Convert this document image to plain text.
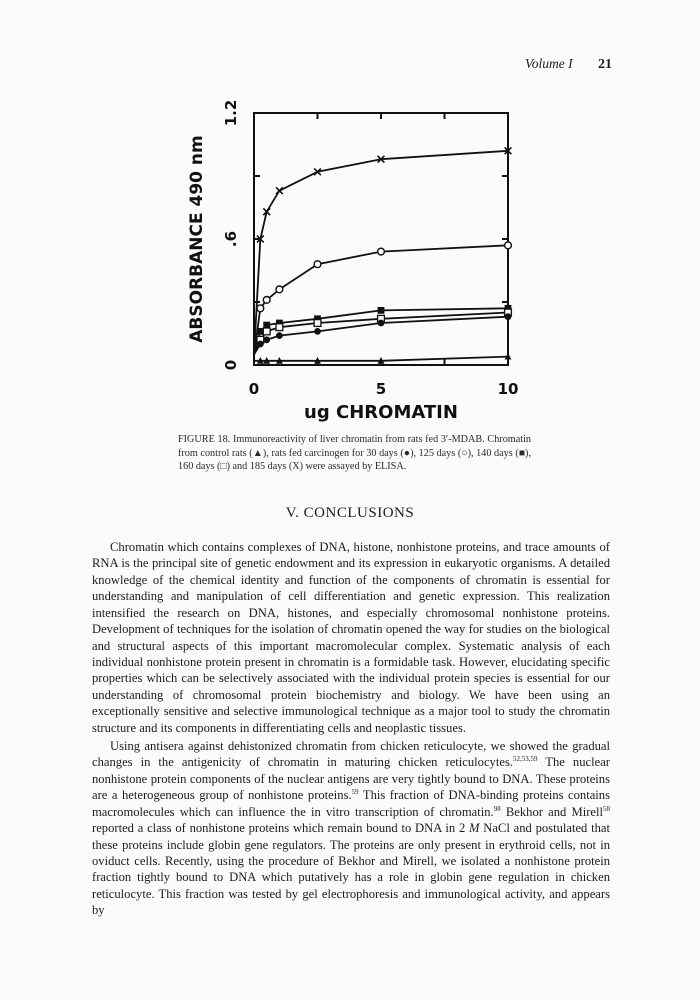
Volume I 21
0	5	10
0
.6
1.2
ABSORBANCE 490 nm
ug CHROMATIN
FIGURE 18. Immunoreactivity of liver chromatin from rats fed 3′-MDAB. Chromatin from control rats (▲), rats fed carcinogen for 30 days (●), 125 days (○), 140 days (■), 160 days (□) and 185 days (X) were assayed by ELISA.
V. CONCLUSIONS

Chromatin which contains complexes of DNA, histone, nonhistone proteins, and trace amounts of RNA is the principal site of genetic endowment and its expression in eukaryotic organisms. A detailed knowledge of the chemical identity and function of the components of chromatin is essential for understanding and manipulation of cell differentiation and genetic expression. This realization intensified the research on DNA, histones, and especially chromosomal nonhistone proteins. Development of techniques for the isolation of chromatin opened the way for studies on the biological and structural aspects of this important macromolecular complex. Systematic analysis of each individual nonhistone protein present in chromatin is a formidable task. However, elucidating specific properties which can be selectively associated with the individual protein species is essential for our understanding of chromosomal protein biochemistry and biology. We have been using an exceptionally sensitive and selective immunological technique as a major tool to study the chromatin structure and its components in differentiating cells and neoplastic tissues.

Using antisera against dehistonized chromatin from chicken reticulocyte, we showed the gradual changes in the antigenicity of chromatin in maturing chicken reticulocytes.$^{52,53,59}$ The nuclear nonhistone protein components of the nuclear antigens are very tightly bound to DNA. These proteins are a heterogeneous group of nonhistone proteins.$^{59}$ This fraction of DNA-binding proteins contains macromolecules which can influence the in vitro transcription of chromatin.$^{98}$ Bekhor and Mirell$^{58}$ reported a class of nonhistone proteins which remain bound to DNA in 2 M NaCl and postulated that these proteins include globin gene regulators. The proteins are only present in erythroid cells, not in oviduct cells. Recently, using the procedure of Bekhor and Mirell, we isolated a nonhistone protein fraction tightly bound to DNA which putatively has a role in globin gene regulation in chicken reticulocyte. This fraction was tested by gel electrophoresis and immunological activity, and appears by
